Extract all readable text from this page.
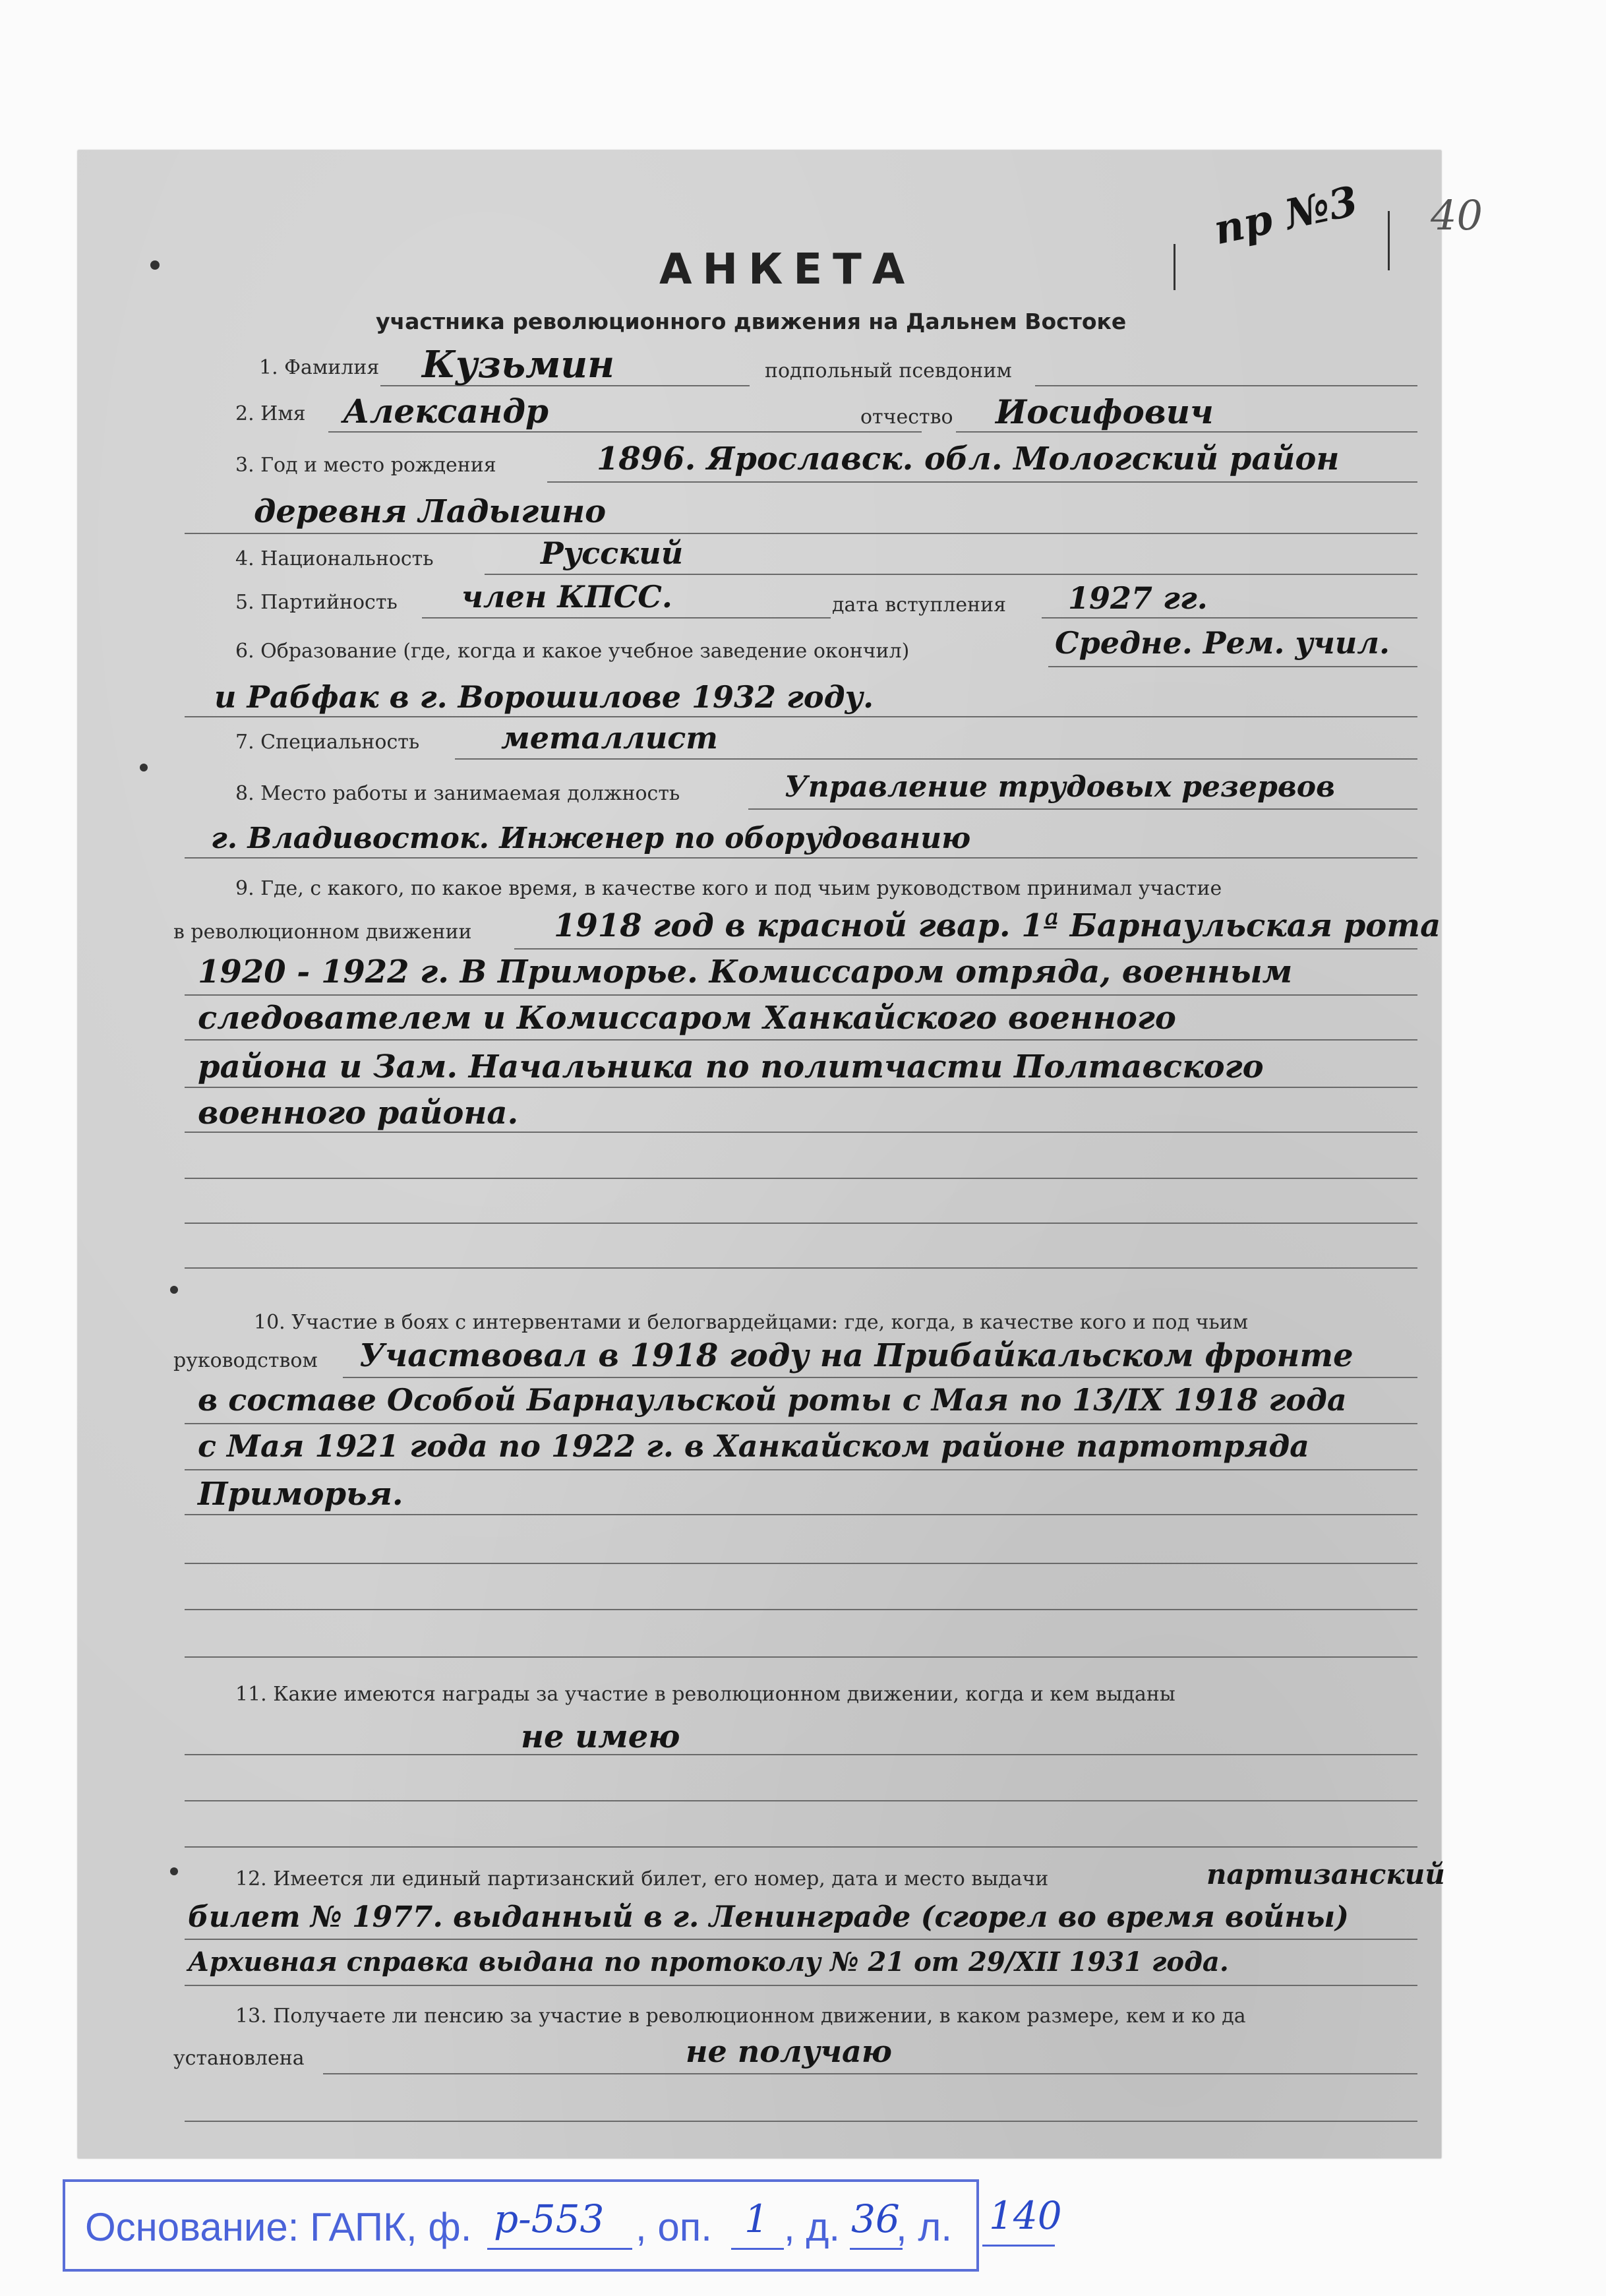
пр №3 40
АНКЕТА
участника революционного движения на Дальнем Востоке
1. Фамилия Кузьмин	подпольный псевдоним
2. Имя Александр	отчество Иосифович
3. Год и место рождения	1896. Ярославск. обл. Мологский район
деревня Ладыгино
4. Национальность	Русский
5. Партийность член КПСС.	дата вступления 1927 гг.
6. Образование (где, когда и какое учебное заведение окончил)	Средне. Рем. учил.
и Рабфак в г. Ворошилове 1932 году.
7. Специальность	металлист
8. Место работы и занимаемая должность	Управление трудовых резервов
г. Владивосток. Инженер по оборудованию
9. Где, с какого, по какое время, в качестве кого и под чьим руководством принимал участие
в революционном движении	1918 год в красной гвар. 1ª Барнаульская рота
1920 - 1922 г. В Приморье. Комиссаром отряда, военным
следователем и Комиссаром Ханкайского военного
района и Зам. Начальника по политчасти Полтавского
военного района.
10. Участие в боях с интервентами и белогвардейцами: где, когда, в качестве кого и под чьим
руководством Участвовал в 1918 году на Прибайкальском фронте
в составе Особой Барнаульской роты с Мая по 13/IX 1918 года
с Мая 1921 года по 1922 г. в Ханкайском районе партотряда
Приморья.
11. Какие имеются награды за участие в революционном движении, когда и кем выданы
не имею
12. Имеется ли единый партизанский билет, его номер, дата и место выдачи	партизанский
билет № 1977. выданный в г. Ленинграде (сгорел во время войны)
Архивная справка выдана по протоколу № 21 от 29/XII 1931 года.
13. Получаете ли пенсию за участие в революционном движении, в каком размере, кем и ко да
установлена	не получаю
Основание: ГАПК, ф. р-553 , оп. 1 , д. 36
, л. 140
